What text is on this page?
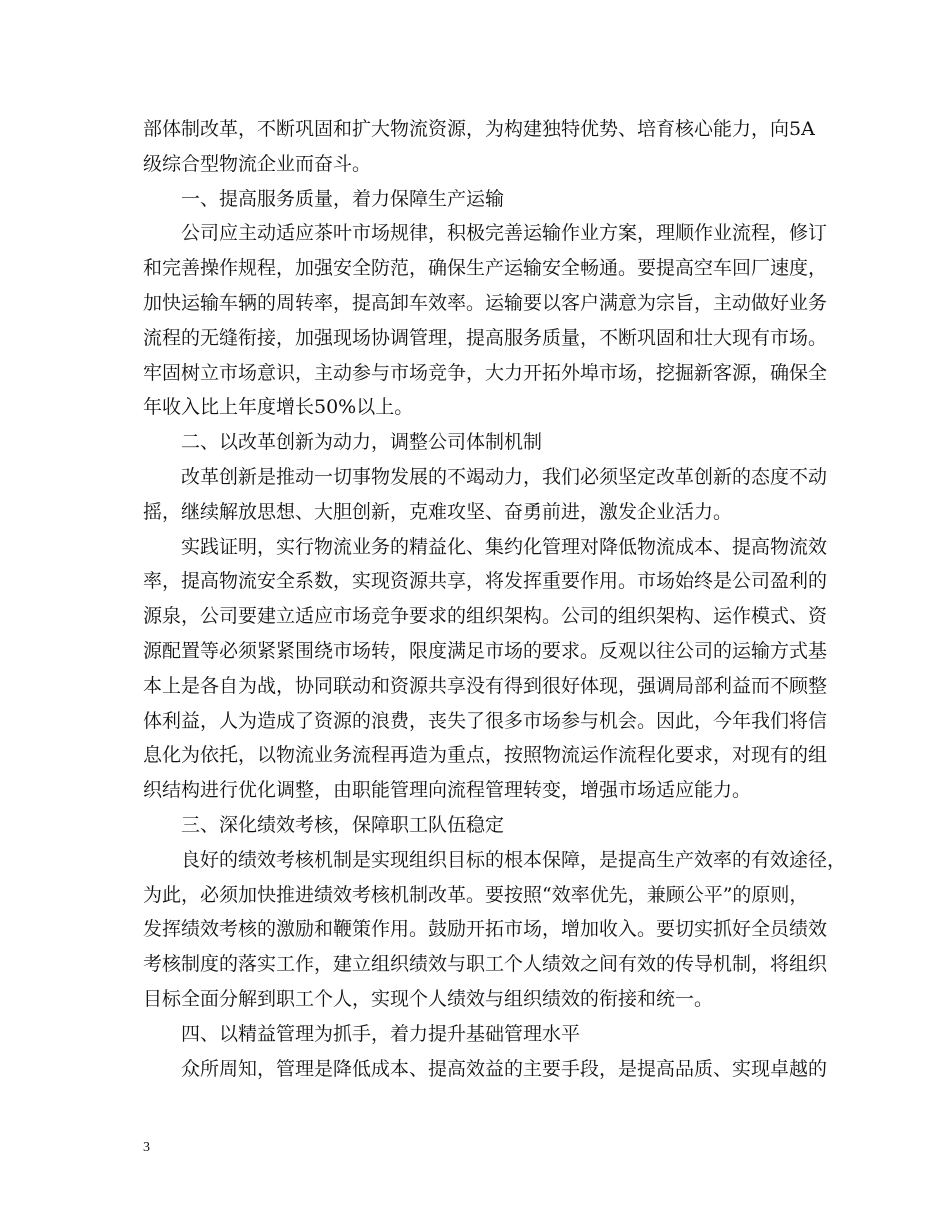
部体制改革，不断巩固和扩大物流资源，为构建独特优势、培育核心能力，向5A
级综合型物流企业而奋斗。
一、提高服务质量，着力保障生产运输
公司应主动适应茶叶市场规律，积极完善运输作业方案，理顺作业流程，修订
和完善操作规程，加强安全防范，确保生产运输安全畅通。要提高空车回厂速度，
加快运输车辆的周转率，提高卸车效率。运输要以客户满意为宗旨，主动做好业务
流程的无缝衔接，加强现场协调管理，提高服务质量，不断巩固和壮大现有市场。
牢固树立市场意识，主动参与市场竞争，大力开拓外埠市场，挖掘新客源，确保全
年收入比上年度增长50%以上。
二、以改革创新为动力，调整公司体制机制
改革创新是推动一切事物发展的不竭动力，我们必须坚定改革创新的态度不动
摇，继续解放思想、大胆创新，克难攻坚、奋勇前进，激发企业活力。
实践证明，实行物流业务的精益化、集约化管理对降低物流成本、提高物流效
率，提高物流安全系数，实现资源共享，将发挥重要作用。市场始终是公司盈利的
源泉，公司要建立适应市场竞争要求的组织架构。公司的组织架构、运作模式、资
源配置等必须紧紧围绕市场转，限度满足市场的要求。反观以往公司的运输方式基
本上是各自为战，协同联动和资源共享没有得到很好体现，强调局部利益而不顾整
体利益，人为造成了资源的浪费，丧失了很多市场参与机会。因此，今年我们将信
息化为依托，以物流业务流程再造为重点，按照物流运作流程化要求，对现有的组
织结构进行优化调整，由职能管理向流程管理转变，增强市场适应能力。
三、深化绩效考核，保障职工队伍稳定
良好的绩效考核机制是实现组织目标的根本保障，是提高生产效率的有效途径，
为此，必须加快推进绩效考核机制改革。要按照“效率优先，兼顾公平”的原则，
发挥绩效考核的激励和鞭策作用。鼓励开拓市场，增加收入。要切实抓好全员绩效
考核制度的落实工作，建立组织绩效与职工个人绩效之间有效的传导机制，将组织
目标全面分解到职工个人，实现个人绩效与组织绩效的衔接和统一。
四、以精益管理为抓手，着力提升基础管理水平
众所周知，管理是降低成本、提高效益的主要手段，是提高品质、实现卓越的
3
